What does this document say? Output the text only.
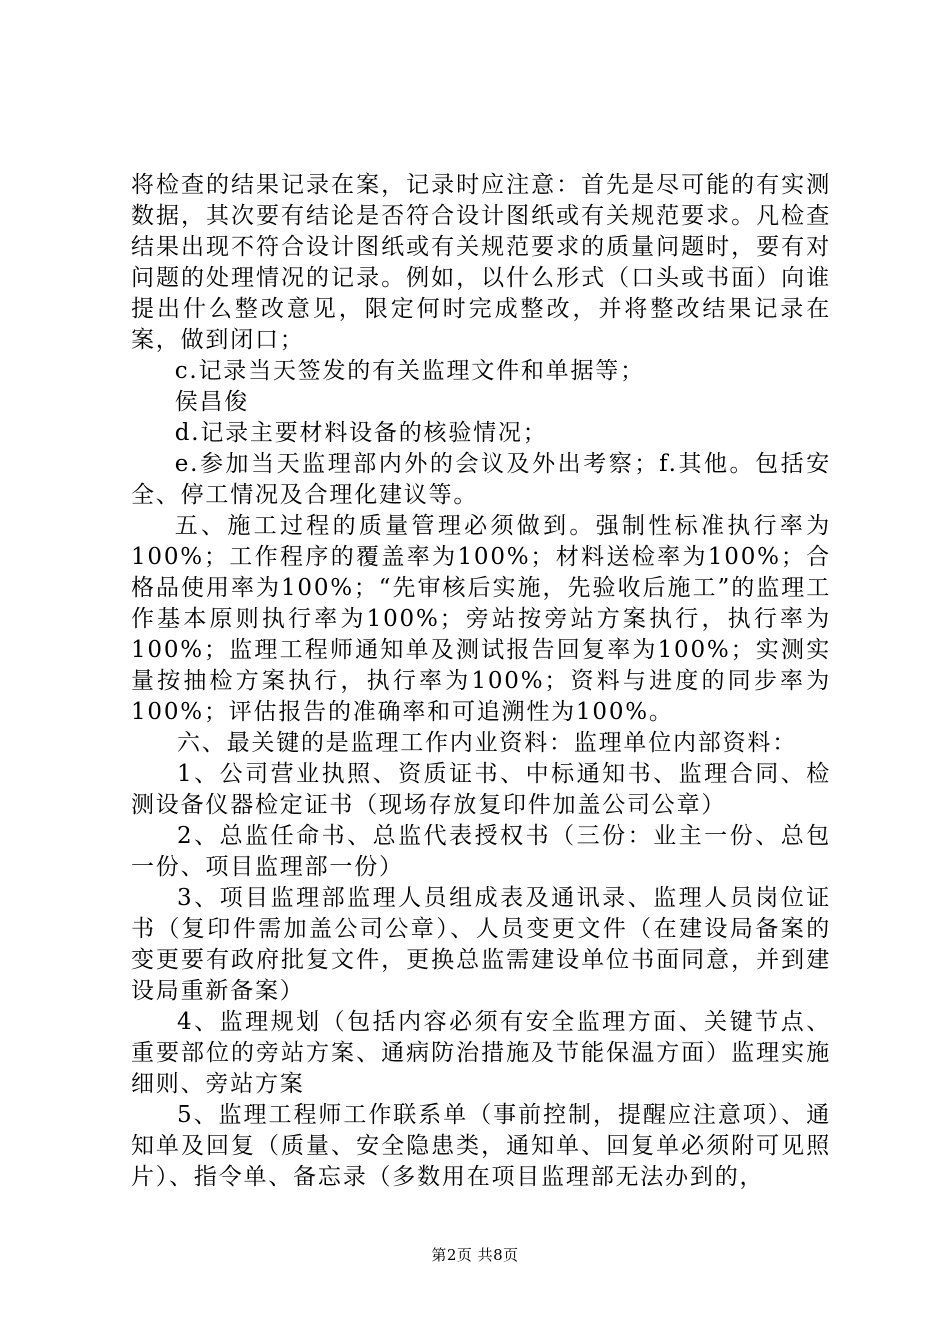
将检查的结果记录在案，记录时应注意：首先是尽可能的有实测数据，其次要有结论是否符合设计图纸或有关规范要求。凡检查结果出现不符合设计图纸或有关规范要求的质量问题时，要有对问题的处理情况的记录。例如，以什么形式（口头或书面）向谁提出什么整改意见，限定何时完成整改，并将整改结果记录在案，做到闭口；

c.记录当天签发的有关监理文件和单据等；

侯昌俊

d.记录主要材料设备的核验情况；

e.参加当天监理部内外的会议及外出考察；f.其他。包括安全、停工情况及合理化建议等。

五、施工过程的质量管理必须做到。强制性标准执行率为100%；工作程序的覆盖率为100%；材料送检率为100%；合格品使用率为100%；“先审核后实施，先验收后施工”的监理工作基本原则执行率为100%；旁站按旁站方案执行，执行率为100%；监理工程师通知单及测试报告回复率为100%；实测实量按抽检方案执行，执行率为100%；资料与进度的同步率为100%；评估报告的准确率和可追溯性为100%。

六、最关键的是监理工作内业资料：监理单位内部资料：

1、公司营业执照、资质证书、中标通知书、监理合同、检测设备仪器检定证书（现场存放复印件加盖公司公章）

2、总监任命书、总监代表授权书（三份：业主一份、总包一份、项目监理部一份）

3、项目监理部监理人员组成表及通讯录、监理人员岗位证书（复印件需加盖公司公章）、人员变更文件（在建设局备案的变更要有政府批复文件，更换总监需建设单位书面同意，并到建设局重新备案）

4、监理规划（包括内容必须有安全监理方面、关键节点、重要部位的旁站方案、通病防治措施及节能保温方面）监理实施细则、旁站方案

5、监理工程师工作联系单（事前控制，提醒应注意项）、通知单及回复（质量、安全隐患类，通知单、回复单必须附可见照片）、指令单、备忘录（多数用在项目监理部无法办到的，

第2页 共8页
